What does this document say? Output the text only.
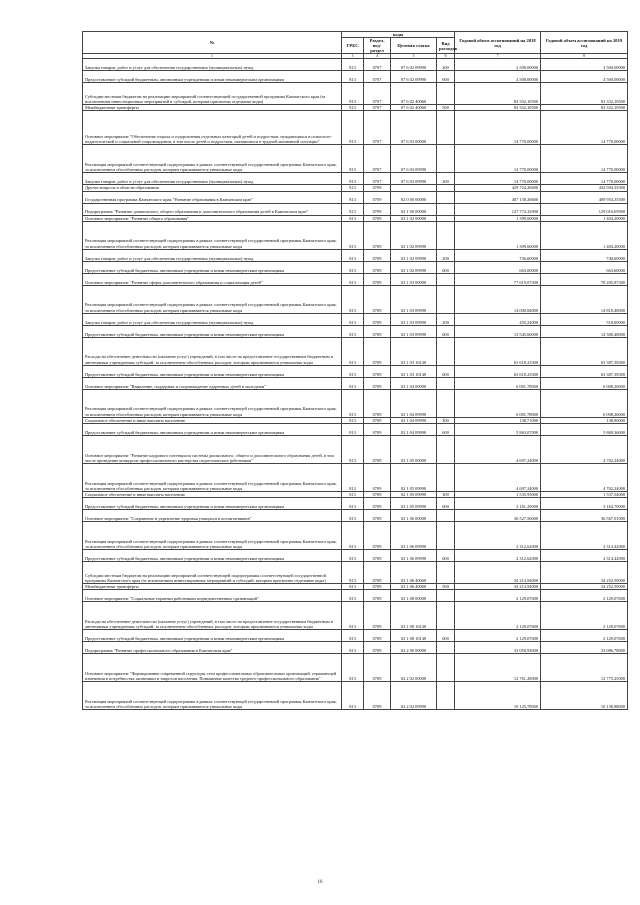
№	коды				Годовой объем ассигнований на 2018 год	Годовой объем ассигнований на 2019 год
	ГРБС	Раздел, под-раздел	Целевая статья	Вид расходов		
1	3	4	5	6	7	8
Закупка товаров, работ и услуг для обеспечения государственных (муниципальных) нужд	813	0707	07 6 02 09990	200	2 500,00000	2 500,00000
Предоставление субсидий бюджетным, автономным учреждениям и иным некоммерческим организациям	813	0707	07 6 02 09990	600	4 500,00000	4 500,00000
Субсидии местным бюджетам на реализацию мероприятий соответствующей государственной программы Камчатского края (за исключением инвестиционных мероприятий и субсидий, которым присвоены отдельные коды)	813	0707	07 6 02 40060		82 332,10500	82 332,10500
Межбюджетные трансферты	813	0707	07 6 02 40060	500	82 332,10500	82 332,10500
Основное мероприятие "Обеспечение отдыха и оздоровления отдельных категорий детей и подростков, нуждающихся в психолого-педагогической и социальной сопровождении, в том числе детей и подростков, оказавшихся в трудной жизненной ситуации"	813	0707	07 6 03 00000		14 770,00000	14 770,00000
Реализация мероприятий соответствующей подпрограммы в рамках соответствующей государственной программы Камчатского края, за исключением обособленных расходов, которым присваиваются уникальные коды	813	0707	07 6 03 09990		14 770,00000	14 770,00000
Закупка товаров, работ и услуг для обеспечения государственных (муниципальных) нужд	813	0707	07 6 03 09990	200	14 770,00000	14 770,00000
Другие вопросы в области образования	813	0709			429 724,26600	432 594,35300
Государственная программа Камчатского края "Развитие образования в Камчатском крае"	813	0709	02 0 00 00000		407 130,26600	409 954,35300
Подпрограмма "Развитие дошкольного, общего образования и дополнительного образования детей в Камчатском крае"	813	0709	02 1 00 00000		127 774,32900	129 016,65900
Основное мероприятие "Развитие общего образования"	813	0709	02 1 02 00000		1 399,60000	1 404,20000
Реализация мероприятий соответствующей подпрограммы в рамках соответствующей государственной программы Камчатского края, за исключением обособленных расходов, которым присваиваются уникальные коды	813	0709	02 1 02 09990		1 399,60000	1 404,20000
Закупка товаров, работ и услуг для обеспечения государственных (муниципальных) нужд	813	0709	02 1 02 09990	200	736,60000	740,60000
Предоставление субсидий бюджетным, автономным учреждениям и иным некоммерческим организациям	813	0709	02 1 02 09990	600	663,00000	663,60000
Основное мероприятие "Развитие сферы дополнительного образования и социализация детей"	813	0709	02 1 03 00000		77 619,07300	78 205,87300
Реализация мероприятий соответствующей подпрограммы в рамках соответствующей государственной программы Камчатского края, за исключением обособленных расходов, которым присваиваются уникальные коды	813	0709	02 1 03 09990		14 000,84000	14 818,48000
Закупка товаров, работ и услуг для обеспечения государственных (муниципальных) нужд	813	0709	02 1 03 09990	200	455,24000	518,00000
Предоставление субсидий бюджетным, автономным учреждениям и иным некоммерческим организациям	813	0709	02 1 03 09990	600	13 545,60000	14 300,48000
Расходы на обеспечение деятельности (оказание услуг) учреждений, в том числе на предоставление государственным бюджетным и автономным учреждениям субсидий, за исключением обособленных расходов, которым присваиваются уникальные коды	813	0709	02 1 03 10140		63 618,23300	63 387,39300
Предоставление субсидий бюджетным, автономным учреждениям и иным некоммерческим организациям	813	0709	02 1 03 10140	600	63 618,23300	63 387,39300
Основное мероприятие "Выявление, поддержка и сопровождение одаренных детей и молодежи"	813	0709	02 1 04 00000		6 001,78000	6 008,26000
Реализация мероприятий соответствующей подпрограммы в рамках соответствующей государственной программы Камчатского края, за исключением обособленных расходов, которым присваиваются уникальные коды	813	0709	02 1 04 09990		6 001,78000	6 008,26000
Социальное обеспечение и иные выплаты населению	813	0709	02 1 04 09990	300	138,71000	138,90000
Предоставление субсидий бюджетным, автономным учреждениям и иным некоммерческим организациям	813	0709	02 1 04 09990	600	5 863,07000	5 869,36000
Основное мероприятие "Развитие кадрового потенциала системы дошкольного, общего и дополнительного образования детей, в том числе проведение конкурсов профессионального мастерства педагогических работников"	813	0709	02 1 05 00000		4 697,24000	4 702,24000
Реализация мероприятий соответствующей подпрограммы в рамках соответствующей государственной программы Камчатского края, за исключением обособленных расходов, которым присваиваются уникальные коды	813	0709	02 1 05 09990		4 697,24000	4 702,24000
Социальное обеспечение и иные выплаты населению	813	0709	02 1 05 09990	300	1 535,95000	1 537,54000
Предоставление субсидий бюджетным, автономным учреждениям и иным некоммерческим организациям	813	0709	02 1 05 09990	600	3 161,29000	3 164,70000
Основное мероприятие "Сохранение и укрепление здоровья учащихся и воспитанников"	813	0709	02 1 06 00000		36 527,56000	36 567,01000
Реализация мероприятий соответствующей подпрограммы в рамках соответствующей государственной программы Камчатского края, за исключением обособленных расходов, которым присваиваются уникальные коды	813	0709	02 1 06 09990		2 312,62000	2 314,42000
Предоставление субсидий бюджетным, автономным учреждениям и иным некоммерческим организациям	813	0709	02 1 06 09990	600	2 312,62000	2 314,42000
Субсидии местным бюджетам на реализацию мероприятий соответствующей подпрограммы соответствующей государственной программы Камчатского края (за исключением инвестиционных мероприятий и субсидий, которым присвоены отдельные коды)	813	0709	02 1 06 40060		34 214,94000	34 252,59000
Межбюджетные трансферты	813	0709	02 1 06 40060	500	34 214,94000	34 252,59000
Основное мероприятие "Социальные гарантии работникам подведомственных организаций"	813	0709	02 1 08 00000		2 129,07600	2 129,07600
Расходы на обеспечение деятельности (оказание услуг) учреждений, в том числе на предоставление государственным бюджетным и автономным учреждениям субсидий, за исключением обособленных расходов, которым присваиваются уникальные коды	813	0709	02 1 08 10140		2 129,07600	2 129,07600
Предоставление субсидий бюджетным, автономным учреждениям и иным некоммерческим организациям	813	0709	02 1 08 10140	600	2 129,07600	2 129,07600
Подпрограмма "Развитие профессионального образования в Камчатском крае"	813	0709	02 2 00 00000		33 050,93000	33 086,78000
Основное мероприятие "Формирование современной структуры сети профессиональных образовательных организаций, отражающей изменения в потребностях экономики и запросов населения. Повышение качества среднего профессионального образования"	813	0709	02 2 02 00000		12 761,28000	12 775,25000
Реализация мероприятий соответствующей подпрограммы в рамках соответствующей государственной программы Камчатского края, за исключением обособленных расходов, которым присваиваются уникальные коды	813	0709	02 2 02 09990		10 125,78000	10 136,88000
16
